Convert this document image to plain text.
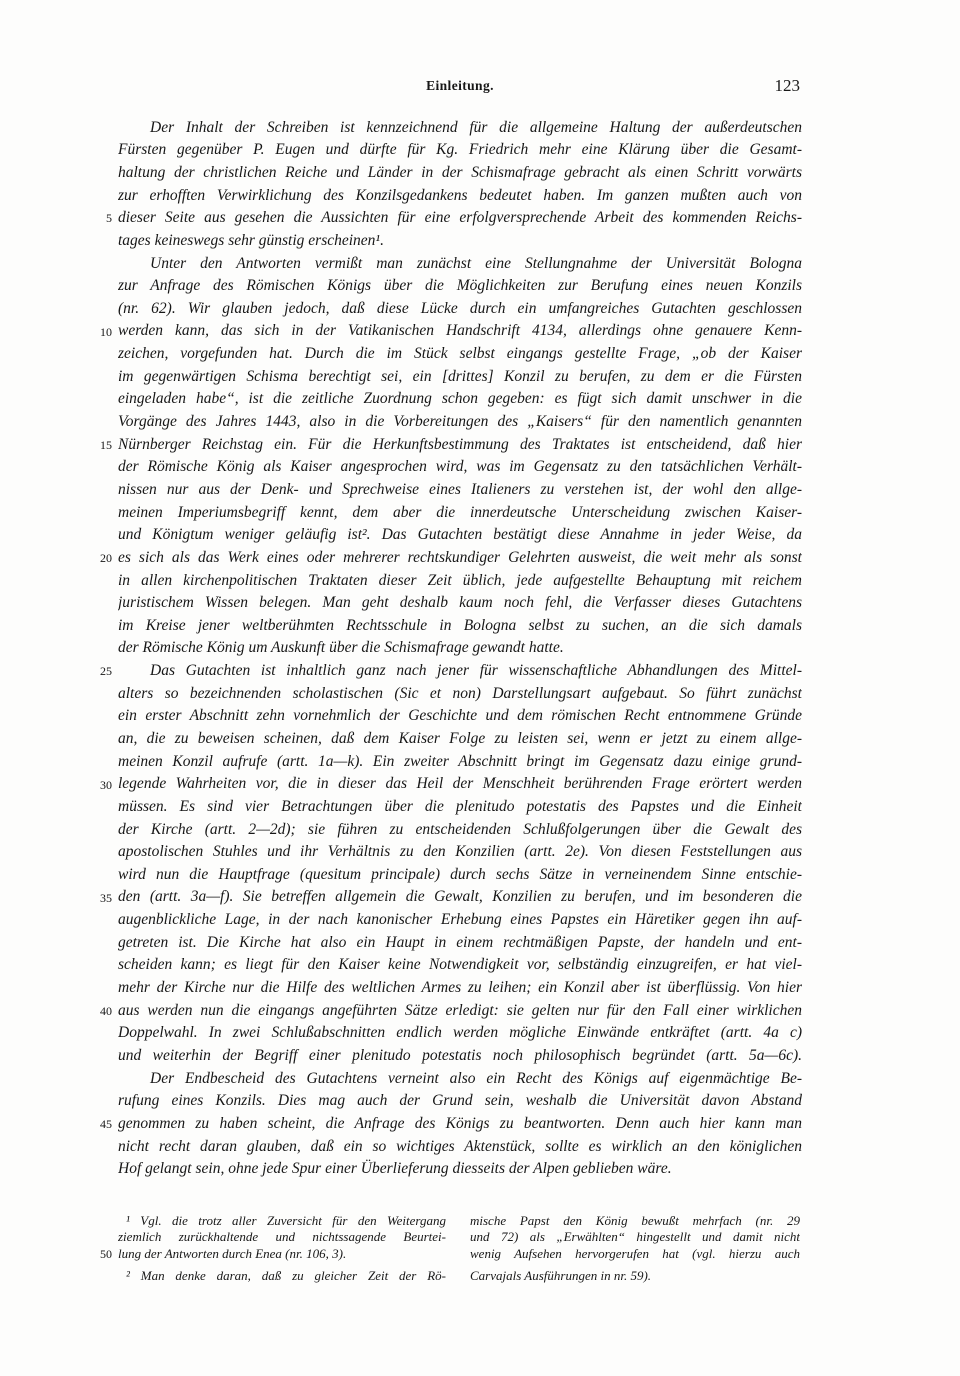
Einleitung.	123
5
10
15
20
25
30
35
40
45
50
Der Inhalt der Schreiben ist kennzeichnend für die allgemeine Haltung der außerdeutschen
Fürsten gegenüber P. Eugen und dürfte für Kg. Friedrich mehr eine Klärung über die Gesamt-
haltung der christlichen Reiche und Länder in der Schismafrage gebracht als einen Schritt vorwärts
zur erhofften Verwirklichung des Konzilsgedankens bedeutet haben. Im ganzen mußten auch von
dieser Seite aus gesehen die Aussichten für eine erfolgversprechende Arbeit des kommenden Reichs-
tages keineswegs sehr günstig erscheinen¹.
Unter den Antworten vermißt man zunächst eine Stellungnahme der Universität Bologna
zur Anfrage des Römischen Königs über die Möglichkeiten zur Berufung eines neuen Konzils
(nr. 62). Wir glauben jedoch, daß diese Lücke durch ein umfangreiches Gutachten geschlossen
werden kann, das sich in der Vatikanischen Handschrift 4134, allerdings ohne genauere Kenn-
zeichen, vorgefunden hat. Durch die im Stück selbst eingangs gestellte Frage, „ob der Kaiser
im gegenwärtigen Schisma berechtigt sei, ein [drittes] Konzil zu berufen, zu dem er die Fürsten
eingeladen habe“, ist die zeitliche Zuordnung schon gegeben: es fügt sich damit unschwer in die
Vorgänge des Jahres 1443, also in die Vorbereitungen des „Kaisers“ für den namentlich genannten
Nürnberger Reichstag ein. Für die Herkunftsbestimmung des Traktates ist entscheidend, daß hier
der Römische König als Kaiser angesprochen wird, was im Gegensatz zu den tatsächlichen Verhält-
nissen nur aus der Denk- und Sprechweise eines Italieners zu verstehen ist, der wohl den allge-
meinen Imperiumsbegriff kennt, dem aber die innerdeutsche Unterscheidung zwischen Kaiser-
und Königtum weniger geläufig ist². Das Gutachten bestätigt diese Annahme in jeder Weise, da
es sich als das Werk eines oder mehrerer rechtskundiger Gelehrten ausweist, die weit mehr als sonst
in allen kirchenpolitischen Traktaten dieser Zeit üblich, jede aufgestellte Behauptung mit reichem
juristischem Wissen belegen. Man geht deshalb kaum noch fehl, die Verfasser dieses Gutachtens
im Kreise jener weltberühmten Rechtsschule in Bologna selbst zu suchen, an die sich damals
der Römische König um Auskunft über die Schismafrage gewandt hatte.
Das Gutachten ist inhaltlich ganz nach jener für wissenschaftliche Abhandlungen des Mittel-
alters so bezeichnenden scholastischen (Sic et non) Darstellungsart aufgebaut. So führt zunächst
ein erster Abschnitt zehn vornehmlich der Geschichte und dem römischen Recht entnommene Gründe
an, die zu beweisen scheinen, daß dem Kaiser Folge zu leisten sei, wenn er jetzt zu einem allge-
meinen Konzil aufrufe (artt. 1a—k). Ein zweiter Abschnitt bringt im Gegensatz dazu einige grund-
legende Wahrheiten vor, die in dieser das Heil der Menschheit berührenden Frage erörtert werden
müssen. Es sind vier Betrachtungen über die plenitudo potestatis des Papstes und die Einheit
der Kirche (artt. 2—2d); sie führen zu entscheidenden Schlußfolgerungen über die Gewalt des
apostolischen Stuhles und ihr Verhältnis zu den Konzilien (artt. 2e). Von diesen Feststellungen aus
wird nun die Hauptfrage (quesitum principale) durch sechs Sätze in verneinendem Sinne entschie-
den (artt. 3a—f). Sie betreffen allgemein die Gewalt, Konzilien zu berufen, und im besonderen die
augenblickliche Lage, in der nach kanonischer Erhebung eines Papstes ein Häretiker gegen ihn auf-
getreten ist. Die Kirche hat also ein Haupt in einem rechtmäßigen Papste, der handeln und ent-
scheiden kann; es liegt für den Kaiser keine Notwendigkeit vor, selbständig einzugreifen, er hat viel-
mehr der Kirche nur die Hilfe des weltlichen Armes zu leihen; ein Konzil aber ist überflüssig. Von hier
aus werden nun die eingangs angeführten Sätze erledigt: sie gelten nur für den Fall einer wirklichen
Doppelwahl. In zwei Schlußabschnitten endlich werden mögliche Einwände entkräftet (artt. 4a c)
und weiterhin der Begriff einer plenitudo potestatis noch philosophisch begründet (artt. 5a—6c).
Der Endbescheid des Gutachtens verneint also ein Recht des Königs auf eigenmächtige Be-
rufung eines Konzils. Dies mag auch der Grund sein, weshalb die Universität davon Abstand
genommen zu haben scheint, die Anfrage des Königs zu beantworten. Denn auch hier kann man
nicht recht daran glauben, daß ein so wichtiges Aktenstück, sollte es wirklich an den königlichen
Hof gelangt sein, ohne jede Spur einer Überlieferung diesseits der Alpen geblieben wäre.
¹ Vgl. die trotz aller Zuversicht für den Weitergang
ziemlich zurückhaltende und nichtssagende Beurtei-
lung der Antworten durch Enea (nr. 106, 3).
² Man denke daran, daß zu gleicher Zeit der Rö-
mische Papst den König bewußt mehrfach (nr. 29
und 72) als „Erwählten“ hingestellt und damit nicht
wenig Aufsehen hervorgerufen hat (vgl. hierzu auch
Carvajals Ausführungen in nr. 59).
